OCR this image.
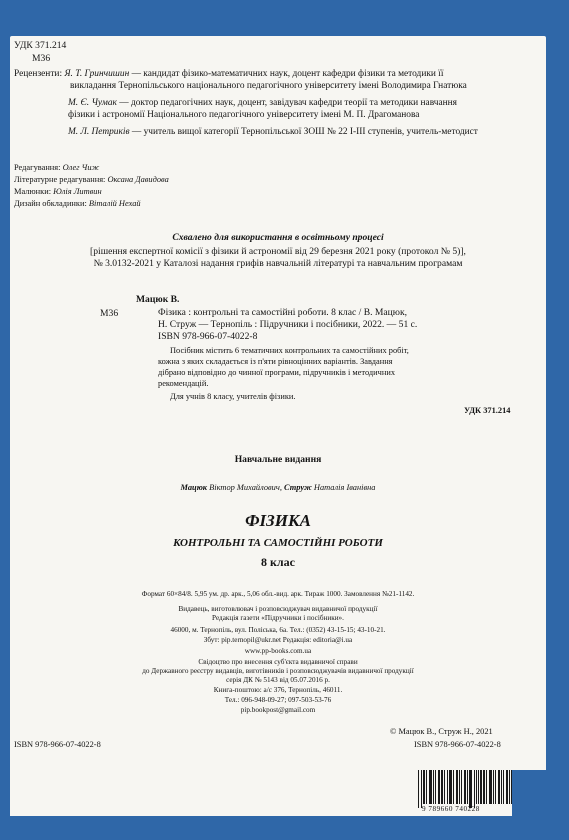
УДК 371.214
М36
Рецензенти: Я. Т. Гринчишин — кандидат фізико-математичних наук, доцент кафедри фізики та методики її
викладання Тернопільського національного педагогічного університету імені Володимира Гнатюка
М. Є. Чумак — доктор педагогічних наук, доцент, завідувач кафедри теорії та методики навчання
фізики і астрономії Національного педагогічного університету імені М. П. Драгоманова
М. Л. Петриків — учитель вищої категорії Тернопільської ЗОШ № 22 І-ІІІ ступенів, учитель-методист
Редагування: Олег Чиж
Літературне редагування: Оксана Давидова
Малюнки: Юлія Литвин
Дизайн обкладинки: Віталій Нехай
Схвалено для використання в освітньому процесі
[рішення експертної комісії з фізики й астрономії від 29 березня 2021 року (протокол № 5)],
№ 3.0132-2021 у Каталозі надання грифів навчальній літературі та навчальним програмам
М36
Мацюк В.
Фізика : контрольні та самостійні роботи. 8 клас / В. Мацюк,
Н. Струж — Тернопіль : Підручники і посібники, 2022. — 51 с.
ISBN 978-966-07-4022-8
Посібник містить 6 тематичних контрольних та самостійних робіт,
кожна з яких складається із п'яти рівноцінних варіантів. Завдання
дібрано відповідно до чинної програми, підручників і методичних
рекомендацій.
Для учнів 8 класу, учителів фізики.
УДК 371.214
Навчальне видання
Мацюк Віктор Михайлович, Струж Наталія Іванівна
ФІЗИКА
КОНТРОЛЬНІ ТА САМОСТІЙНІ РОБОТИ
8 клас
Формат 60×84/8. 5,95 ум. др. арк., 5,06 обл.-вид. арк. Тираж 1000. Замовлення №21-1142.
Видавець, виготовлювач і розповсюджувач видавничої продукції
Редакція газети «Підручники і посібники».
46000, м. Тернопіль, вул. Поліська, 6а. Тел.: (0352) 43-15-15; 43-10-21.
Збут: pip.ternopil@ukr.net Редакція: editoria@i.ua
www.pp-books.com.ua
Свідоцтво про внесення суб'єкта видавничої справи
до Державного реєстру видавців, виготівників і розповсюджувачів видавничої продукції
серія ДК № 5143 від 05.07.2016 р.
Книга-поштою: а/с 376, Тернопіль, 46011.
Тел.: 096-948-09-27; 097-503-53-76
pip.bookpost@gmail.com
© Мацюк В., Струж Н., 2021
ISBN 978-966-07-4022-8	ISBN 978-966-07-4022-8
9 789660 740228
